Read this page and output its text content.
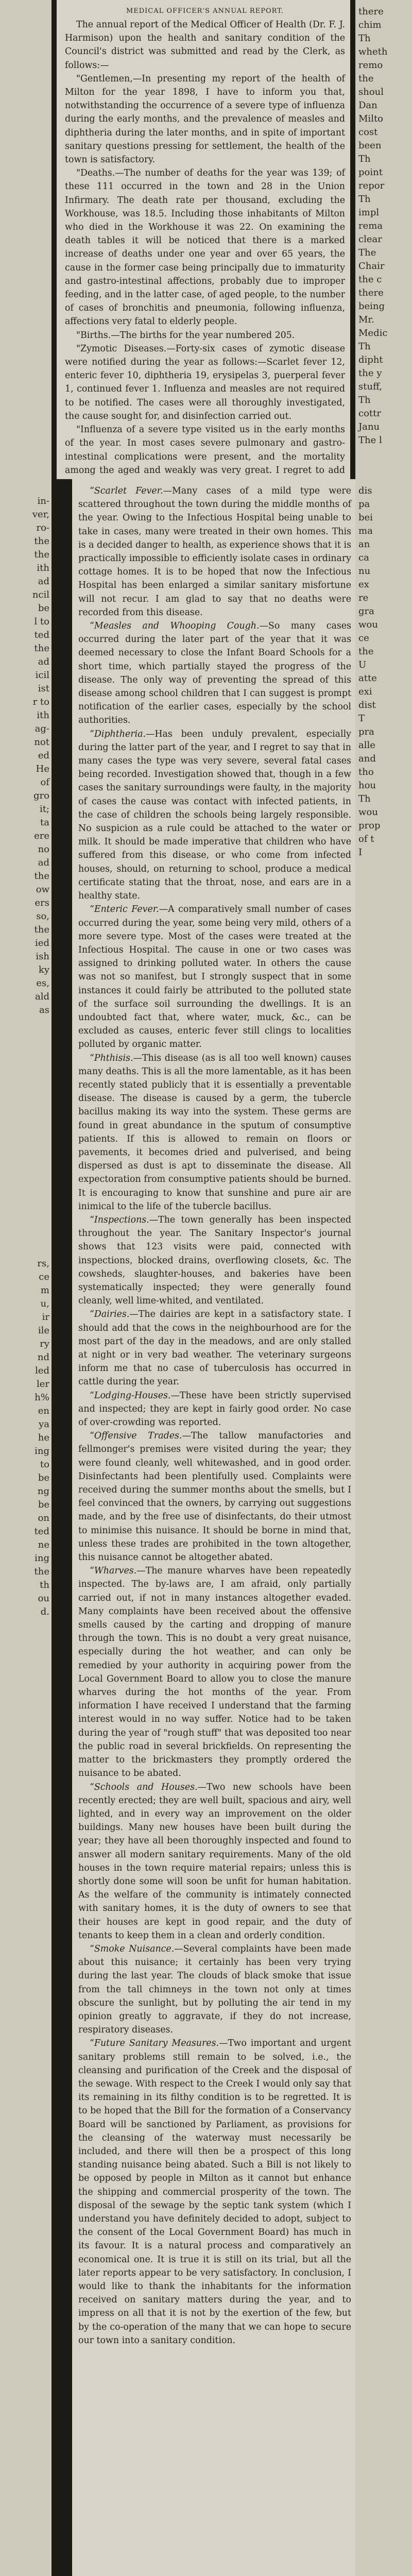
MEDICAL OFFICER'S ANNUAL REPORT.

The annual report of the Medical Officer of Health (Dr. F. J. Harmison) upon the health and sanitary condition of the Council's district was submitted and read by the Clerk, as follows:—

"Gentlemen,—In presenting my report of the health of Milton for the year 1898, I have to inform you that, notwithstanding the occurrence of a severe type of influenza during the early months, and the prevalence of measles and diphtheria during the later months, and in spite of important sanitary questions pressing for settlement, the health of the town is satisfactory.

"Deaths.—The number of deaths for the year was 139; of these 111 occurred in the town and 28 in the Union Infirmary. The death rate per thousand, excluding the Workhouse, was 18.5. Including those inhabitants of Milton who died in the Workhouse it was 22. On examining the death tables it will be noticed that there is a marked increase of deaths under one year and over 65 years, the cause in the former case being principally due to immaturity and gastro-intestinal affections, probably due to improper feeding, and in the latter case, of aged people, to the number of cases of bronchitis and pneumonia, following influenza, affections very fatal to elderly people.

"Births.—The births for the year numbered 205.

"Zymotic Diseases.—Forty-six cases of zymotic disease were notified during the year as follows:—Scarlet fever 12, enteric fever 10, diphtheria 19, erysipelas 3, puerperal fever 1, continued fever 1. Influenza and measles are not required to be notified. The cases were all thoroughly investigated, the cause sought for, and disinfection carried out.

"Influenza of a severe type visited us in the early months of the year. In most cases severe pulmonary and gastro-intestinal complications were present, and the mortality among the aged and weakly was very great. I regret to add

in-
ver,
ro-
the
the
ith
ad
ncil
be
l to
ted
the
ad
icil
ist
r to
ith
ag-
not
ed
He
of
gro
it;
ta
ere
no
ad
the
ow
ers
so,
the
ied
ish
ky
es,
ald
as
rs,
ce
m
u,
ir
ile
ry
nd
led
ler
h%
en
ya
he
ing
to
be
ng
be
on
ted
ne
ing
the
th
ou
d.
there
chim
Th
wheth
remo
the
shoul
Dan
Milto
cost
been
Th
point
repor
Th
impl
rema
clear
The
Chair
the c
there
being
Mr.
Medic
Th
dipht
the y
stuff,
Th
cottr
Janu
The l
dis
pa
bei
ma
an
ca
nu
ex
re
gra
wou
ce
the
U
atte
exi
dist
T
pra
alle
and
tho
hou
Th
wou
prop
of t
I

“Scarlet Fever.—Many cases of a mild type were scattered throughout the town during the middle months of the year. Owing to the Infectious Hospital being unable to take in cases, many were treated in their own homes. This is a decided danger to health, as experience shows that it is practically impossible to efficiently isolate cases in ordinary cottage homes. It is to be hoped that now the Infectious Hospital has been enlarged a similar sanitary misfortune will not recur. I am glad to say that no deaths were recorded from this disease.

“Measles and Whooping Cough.—So many cases occurred during the later part of the year that it was deemed necessary to close the Infant Board Schools for a short time, which partially stayed the progress of the disease. The only way of preventing the spread of this disease among school children that I can suggest is prompt notification of the earlier cases, especially by the school authorities.

“Diphtheria.—Has been unduly prevalent, especially during the latter part of the year, and I regret to say that in many cases the type was very severe, several fatal cases being recorded. Investigation showed that, though in a few cases the sanitary surroundings were faulty, in the majority of cases the cause was contact with infected patients, in the case of children the schools being largely responsible. No suspicion as a rule could be attached to the water or milk. It should be made imperative that children who have suffered from this disease, or who come from infected houses, should, on returning to school, produce a medical certificate stating that the throat, nose, and ears are in a healthy state.

“Enteric Fever.—A comparatively small number of cases occurred during the year, some being very mild, others of a more severe type. Most of the cases were treated at the Infectious Hospital. The cause in one or two cases was assigned to drinking polluted water. In others the cause was not so manifest, but I strongly suspect that in some instances it could fairly be attributed to the polluted state of the surface soil surrounding the dwellings. It is an undoubted fact that, where water, muck, &c., can be excluded as causes, enteric fever still clings to localities polluted by organic matter.

“Phthisis.—This disease (as is all too well known) causes many deaths. This is all the more lamentable, as it has been recently stated publicly that it is essentially a preventable disease. The disease is caused by a germ, the tubercle bacillus making its way into the system. These germs are found in great abundance in the sputum of consumptive patients. If this is allowed to remain on floors or pavements, it becomes dried and pulverised, and being dispersed as dust is apt to disseminate the disease. All expectoration from consumptive patients should be burned. It is encouraging to know that sunshine and pure air are inimical to the life of the tubercle bacillus.

“Inspections.—The town generally has been inspected throughout the year. The Sanitary Inspector's journal shows that 123 visits were paid, connected with inspections, blocked drains, overflowing closets, &c. The cowsheds, slaughter-houses, and bakeries have been systematically inspected; they were generally found cleanly, well lime-whited, and ventilated.

“Dairies.—The dairies are kept in a satisfactory state. I should add that the cows in the neighbourhood are for the most part of the day in the meadows, and are only stalled at night or in very bad weather. The veterinary surgeons inform me that no case of tuberculosis has occurred in cattle during the year.

“Lodging-Houses.—These have been strictly supervised and inspected; they are kept in fairly good order. No case of over-crowding was reported.

“Offensive Trades.—The tallow manufactories and fellmonger's premises were visited during the year; they were found cleanly, well whitewashed, and in good order. Disinfectants had been plentifully used. Complaints were received during the summer months about the smells, but I feel convinced that the owners, by carrying out suggestions made, and by the free use of disinfectants, do their utmost to minimise this nuisance. It should be borne in mind that, unless these trades are prohibited in the town altogether, this nuisance cannot be altogether abated.

“Wharves.—The manure wharves have been repeatedly inspected. The by-laws are, I am afraid, only partially carried out, if not in many instances altogether evaded. Many complaints have been received about the offensive smells caused by the carting and dropping of manure through the town. This is no doubt a very great nuisance, especially during the hot weather, and can only be remedied by your authority in acquiring power from the Local Government Board to allow you to close the manure wharves during the hot months of the year. From information I have received I understand that the farming interest would in no way suffer. Notice had to be taken during the year of "rough stuff" that was deposited too near the public road in several brickfields. On representing the matter to the brickmasters they promptly ordered the nuisance to be abated.

“Schools and Houses.—Two new schools have been recently erected; they are well built, spacious and airy, well lighted, and in every way an improvement on the older buildings. Many new houses have been built during the year; they have all been thoroughly inspected and found to answer all modern sanitary requirements. Many of the old houses in the town require material repairs; unless this is shortly done some will soon be unfit for human habitation. As the welfare of the community is intimately connected with sanitary homes, it is the duty of owners to see that their houses are kept in good repair, and the duty of tenants to keep them in a clean and orderly condition.

“Smoke Nuisance.—Several complaints have been made about this nuisance; it certainly has been very trying during the last year. The clouds of black smoke that issue from the tall chimneys in the town not only at times obscure the sunlight, but by polluting the air tend in my opinion greatly to aggravate, if they do not increase, respiratory diseases.

“Future Sanitary Measures.—Two important and urgent sanitary problems still remain to be solved, i.e., the cleansing and purification of the Creek and the disposal of the sewage. With respect to the Creek I would only say that its remaining in its filthy condition is to be regretted. It is to be hoped that the Bill for the formation of a Conservancy Board will be sanctioned by Parliament, as provisions for the cleansing of the waterway must necessarily be included, and there will then be a prospect of this long standing nuisance being abated. Such a Bill is not likely to be opposed by people in Milton as it cannot but enhance the shipping and commercial prosperity of the town. The disposal of the sewage by the septic tank system (which I understand you have definitely decided to adopt, subject to the consent of the Local Government Board) has much in its favour. It is a natural process and comparatively an economical one. It is true it is still on its trial, but all the later reports appear to be very satisfactory. In conclusion, I would like to thank the inhabitants for the information received on sanitary matters during the year, and to impress on all that it is not by the exertion of the few, but by the co-operation of the many that we can hope to secure our town into a sanitary condition.
